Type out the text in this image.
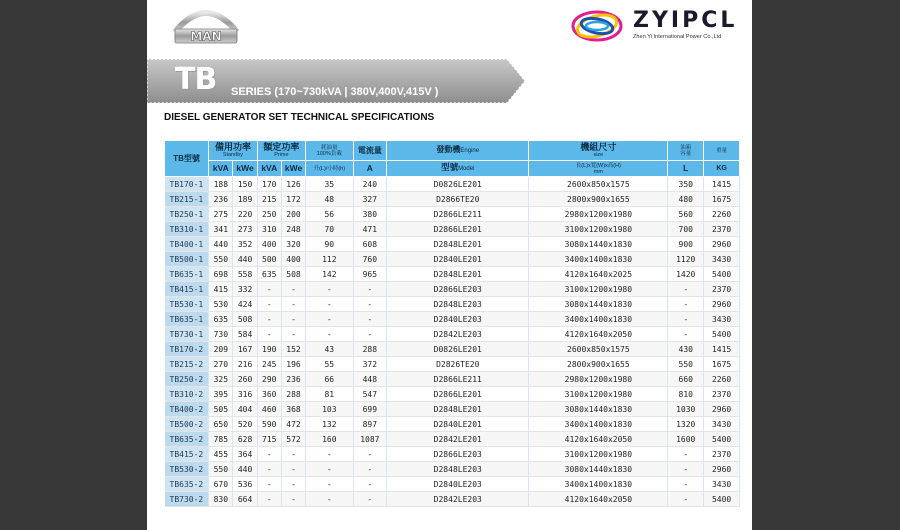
MAN
ZYIPCL
Zhen Yi International Power Co.,Ltd
TB SERIES (170~730kVA | 380V,400V,415V )
DIESEL GENERATOR SET TECHNICAL SPECIFICATIONS
TB型號	備用功率
Standby		額定功率
Prime		耗油量
100%負載	電流量	發動機Engine	機組尺寸
size	油箱
容量	重量

	kVA	kWe	kVA	kWe	升(L)/小時(h)	A	型號Model	長(L)x寬(W)x高(H)
mm	L	KG
TB170-1	188	150	170	126	35	240	D0826LE201	2600x850x1575	350	1415
TB215-1	236	189	215	172	48	327	D2866TE20	2800x900x1655	480	1675
TB250-1	275	220	250	200	56	380	D2866LE211	2980x1200x1980	560	2260
TB310-1	341	273	310	248	70	471	D2866LE201	3100x1200x1980	700	2370
TB400-1	440	352	400	320	90	608	D2848LE201	3080x1440x1830	900	2960
TB500-1	550	440	500	400	112	760	D2840LE201	3400x1400x1830	1120	3430
TB635-1	698	558	635	508	142	965	D2848LE201	4120x1640x2025	1420	5400
TB415-1	415	332	-	-	-	-	D2866LE203	3100x1200x1980	-	2370
TB530-1	530	424	-	-	-	-	D2848LE203	3080x1440x1830	-	2960
TB635-1	635	508	-	-	-	-	D2840LE203	3400x1400x1830	-	3430
TB730-1	730	584	-	-	-	-	D2842LE203	4120x1640x2050	-	5400
TB170-2	209	167	190	152	43	288	D0826LE201	2600x850x1575	430	1415
TB215-2	270	216	245	196	55	372	D2826TE20	2800x900x1655	550	1675
TB250-2	325	260	290	236	66	448	D2866LE211	2980x1200x1980	660	2260
TB310-2	395	316	360	288	81	547	D2866LE201	3100x1200x1980	810	2370
TB400-2	505	404	460	368	103	699	D2848LE201	3080x1440x1830	1030	2960
TB500-2	650	520	590	472	132	897	D2840LE201	3400x1400x1830	1320	3430
TB635-2	785	628	715	572	160	1087	D2842LE201	4120x1640x2050	1600	5400
TB415-2	455	364	-	-	-	-	D2866LE203	3100x1200x1980	-	2370
TB530-2	550	440	-	-	-	-	D2848LE203	3080x1440x1830	-	2960
TB635-2	670	536	-	-	-	-	D2840LE203	3400x1400x1830	-	3430
TB730-2	830	664	-	-	-	-	D2842LE203	4120x1640x2050	-	5400
